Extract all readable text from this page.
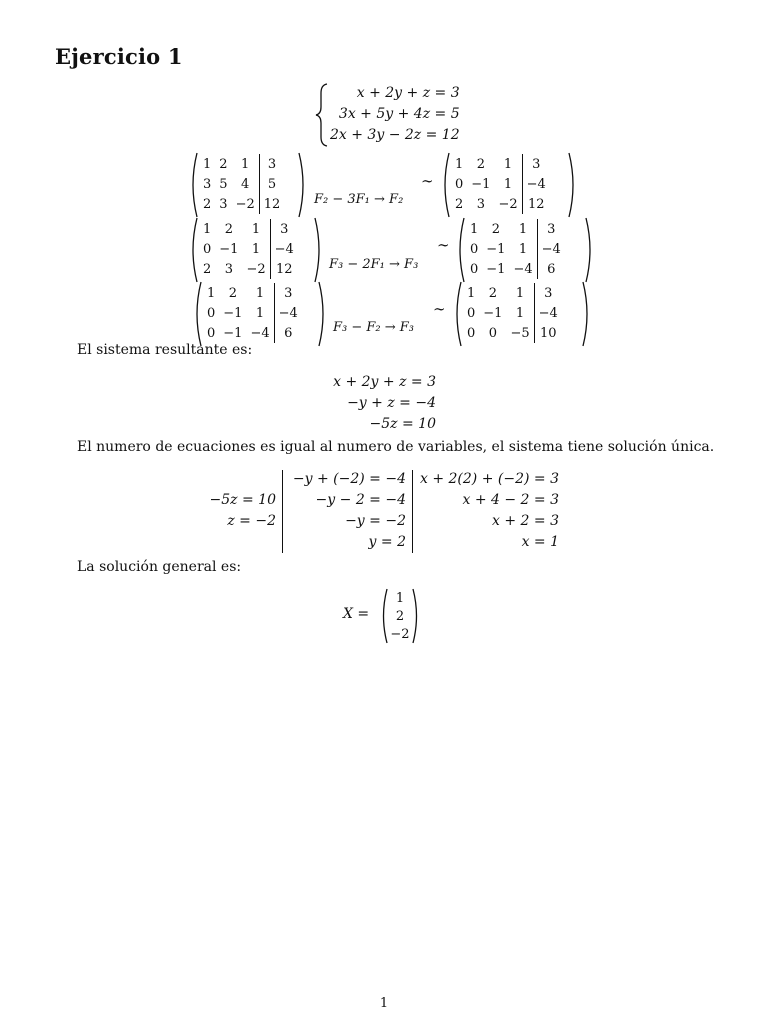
Ejercicio 1
x + 2y + z = 3
3x + 5y + 4z = 5
2x + 3y − 2z = 12
1	2	1	3
3	5	4	5
2	3	−2	12	F₂ − 3F₁ → F₂
∼
1	2	1	3
0	−1	1	−4
2	3	−2	12
1	2	1	3
0	−1	1	−4
2	3	−2	12	F₃ − 2F₁ → F₃
∼
1	2	1	3
0	−1	1	−4
0	−1	−4	6
1	2	1	3
0	−1	1	−4
0	−1	−4	6	F₃ − F₂ → F₃
∼
1	2	1	3
0	−1	1	−4
0	0	−5	10
El sistema resultante es:
x + 2y + z = 3
−y + z = −4
−5z = 10
El numero de ecuaciones es igual al numero de variables, el sistema tiene solución única.
−5z = 10
z = −2
−y + (−2) = −4
−y − 2 = −4
−y = −2
y = 2
x + 2(2) + (−2) = 3
x + 4 − 2 = 3
x + 2 = 3
x = 1
La solución general es:
X =
1
2
−2
1
